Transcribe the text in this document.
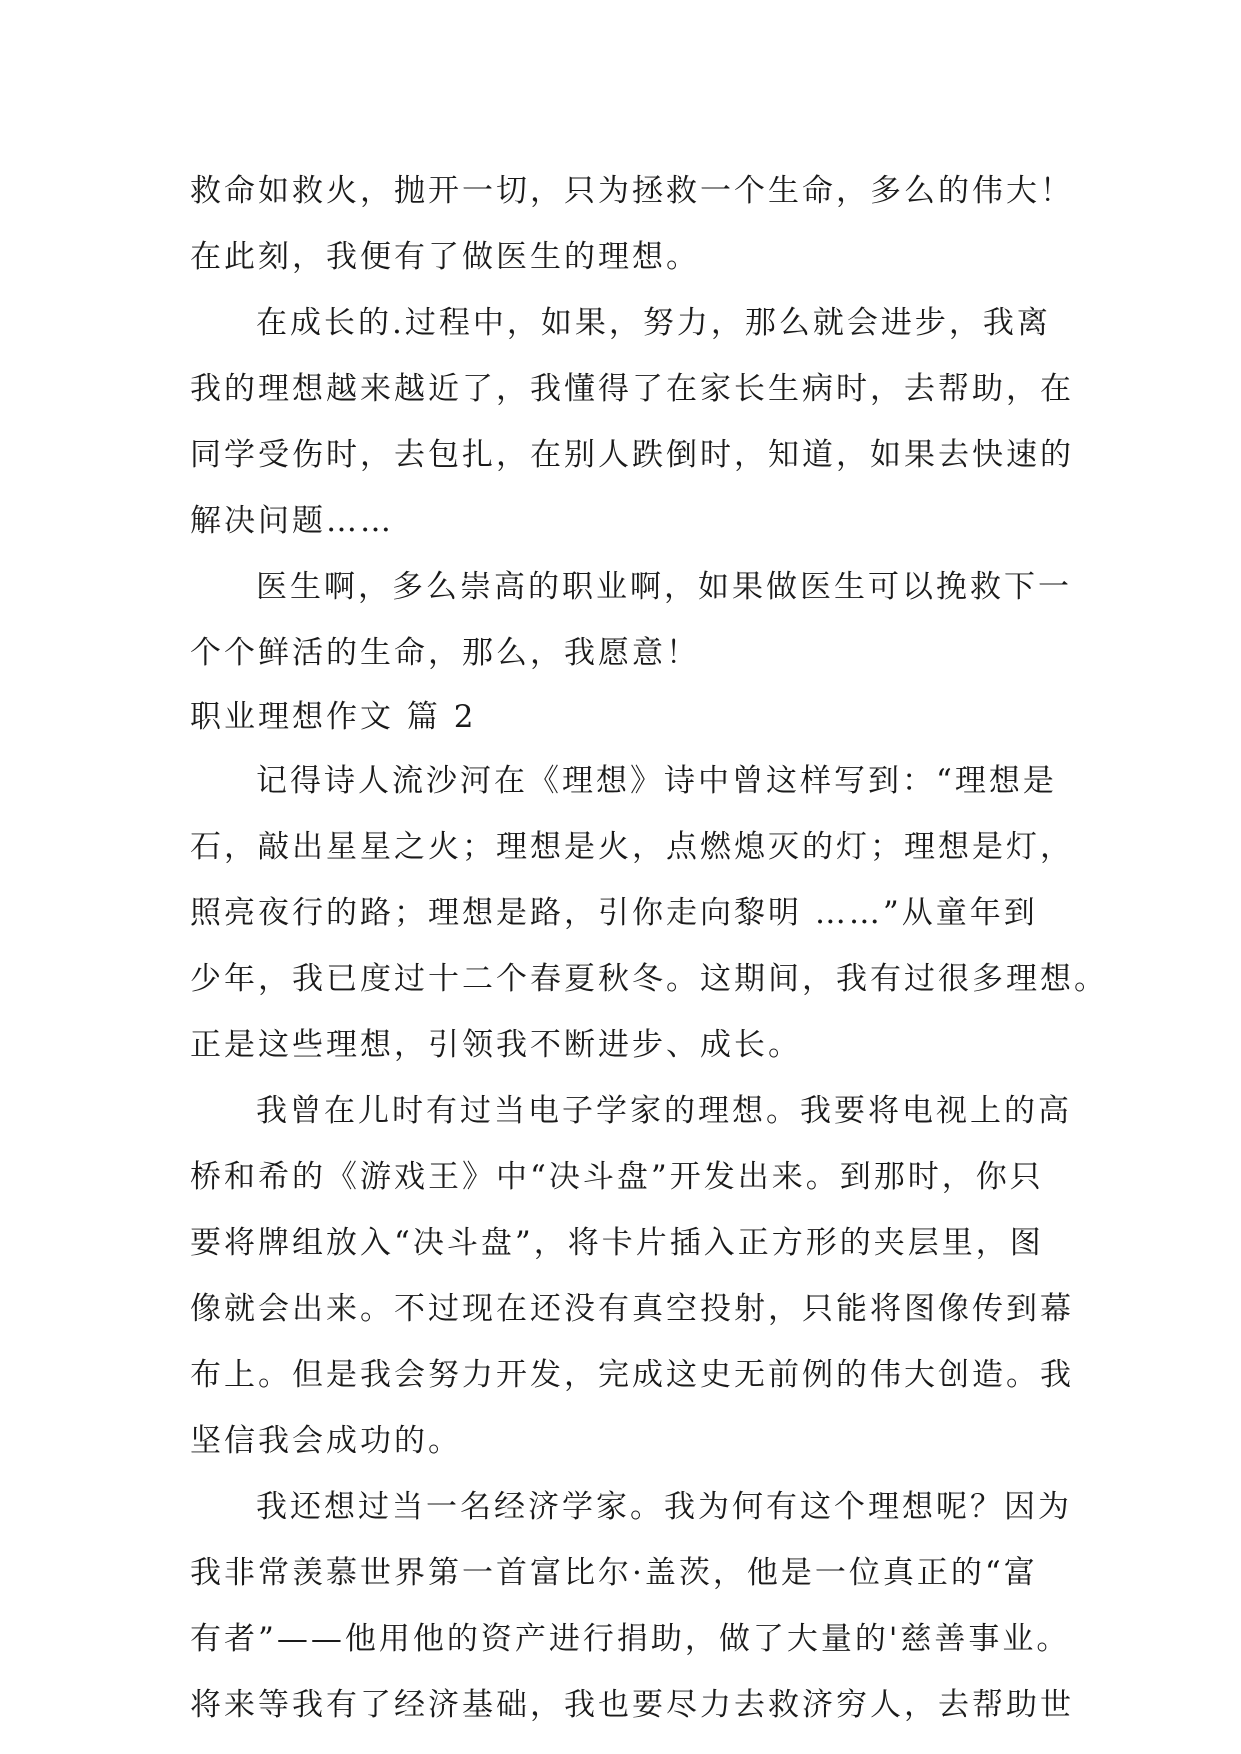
救命如救火，抛开一切，只为拯救一个生命，多么的伟大！
在此刻，我便有了做医生的理想。
在成长的.过程中，如果，努力，那么就会进步，我离
我的理想越来越近了，我懂得了在家长生病时，去帮助，在
同学受伤时，去包扎，在别人跌倒时，知道，如果去快速的
解决问题……
医生啊，多么崇高的职业啊，如果做医生可以挽救下一
个个鲜活的生命，那么，我愿意！
职业理想作文 篇 2
记得诗人流沙河在《理想》诗中曾这样写到：“理想是
石，敲出星星之火；理想是火，点燃熄灭的灯；理想是灯，
照亮夜行的路；理想是路，引你走向黎明 ……”从童年到
少年，我已度过十二个春夏秋冬。这期间，我有过很多理想。
正是这些理想，引领我不断进步、成长。
我曾在儿时有过当电子学家的理想。我要将电视上的高
桥和希的《游戏王》中“决斗盘”开发出来。到那时，你只
要将牌组放入“决斗盘”，将卡片插入正方形的夹层里，图
像就会出来。不过现在还没有真空投射，只能将图像传到幕
布上。但是我会努力开发，完成这史无前例的伟大创造。我
坚信我会成功的。
我还想过当一名经济学家。我为何有这个理想呢？因为
我非常羡慕世界第一首富比尔·盖茨，他是一位真正的“富
有者”——他用他的资产进行捐助，做了大量的'慈善事业。
将来等我有了经济基础，我也要尽力去救济穷人，去帮助世
